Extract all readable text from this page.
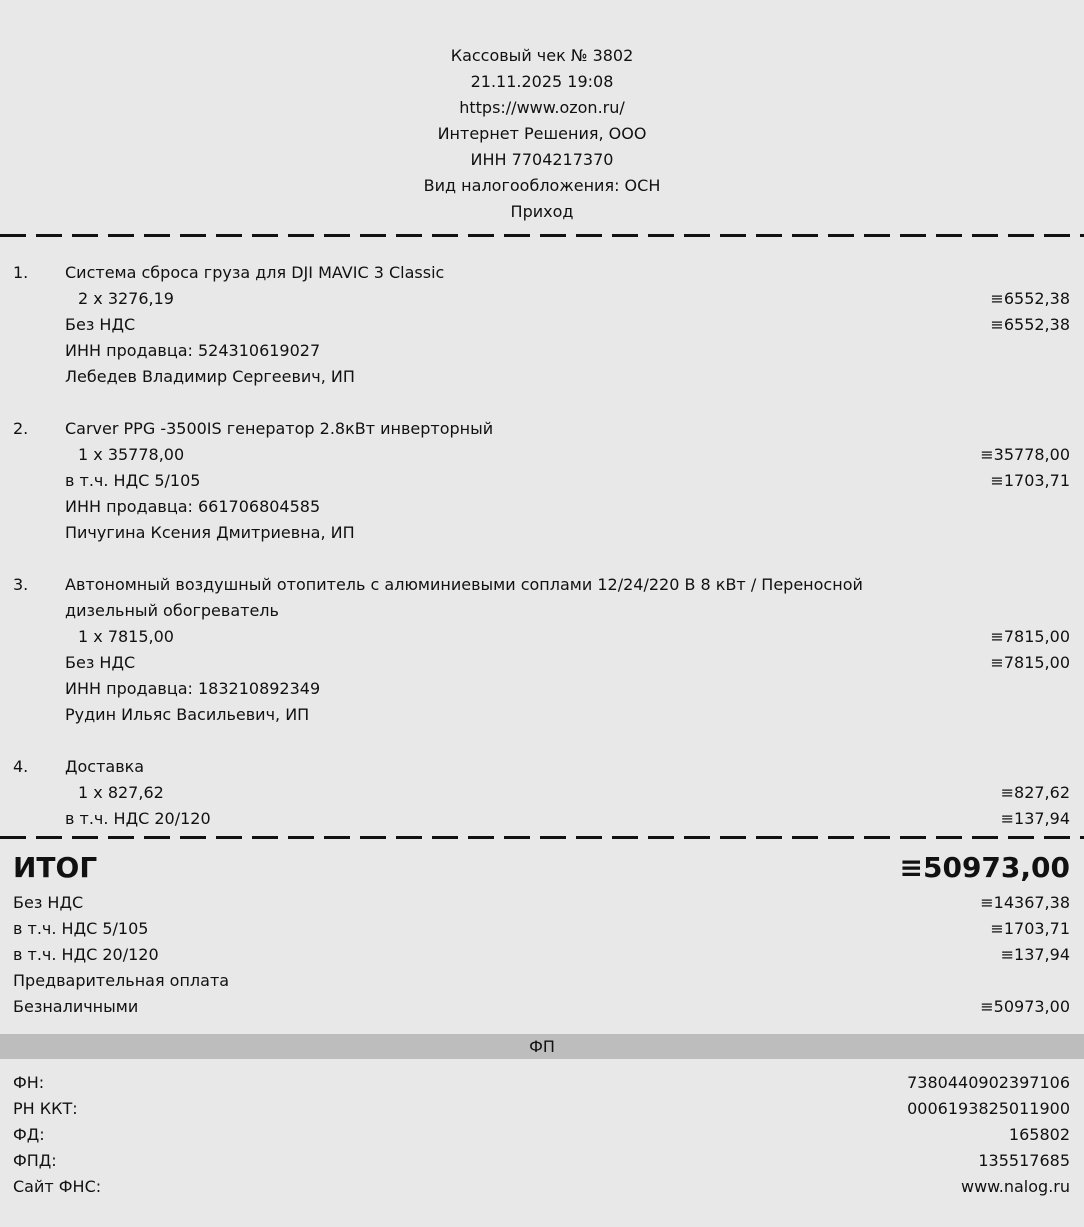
Кассовый чек № 3802
21.11.2025 19:08
https://www.ozon.ru/
Интернет Решения, ООО
ИНН 7704217370
Вид налогообложения: ОСН
Приход
1. Система сброса груза для DJI MAVIC 3 Classic
2 x 3276,19	≡6552,38
Без НДС	≡6552,38
ИНН продавца: 524310619027
Лебедев Владимир Сергеевич, ИП
2. Carver PPG -3500IS генератор 2.8кВт инверторный
1 x 35778,00	≡35778,00
в т.ч. НДС 5/105	≡1703,71
ИНН продавца: 661706804585
Пичугина Ксения Дмитриевна, ИП
3. Автономный воздушный отопитель с алюминиевыми соплами 12/24/220 В 8 кВт / Переносной
дизельный обогреватель
1 x 7815,00	≡7815,00
Без НДС	≡7815,00
ИНН продавца: 183210892349
Рудин Ильяс Васильевич, ИП
4. Доставка
1 x 827,62	≡827,62
в т.ч. НДС 20/120	≡137,94
ИТОГ	≡50973,00
Без НДС	≡14367,38
в т.ч. НДС 5/105	≡1703,71
в т.ч. НДС 20/120	≡137,94
Предварительная оплата
Безналичными	≡50973,00
ФП
ФН:	7380440902397106
РН ККТ:	0006193825011900
ФД:	165802
ФПД:	135517685
Сайт ФНС:	www.nalog.ru
